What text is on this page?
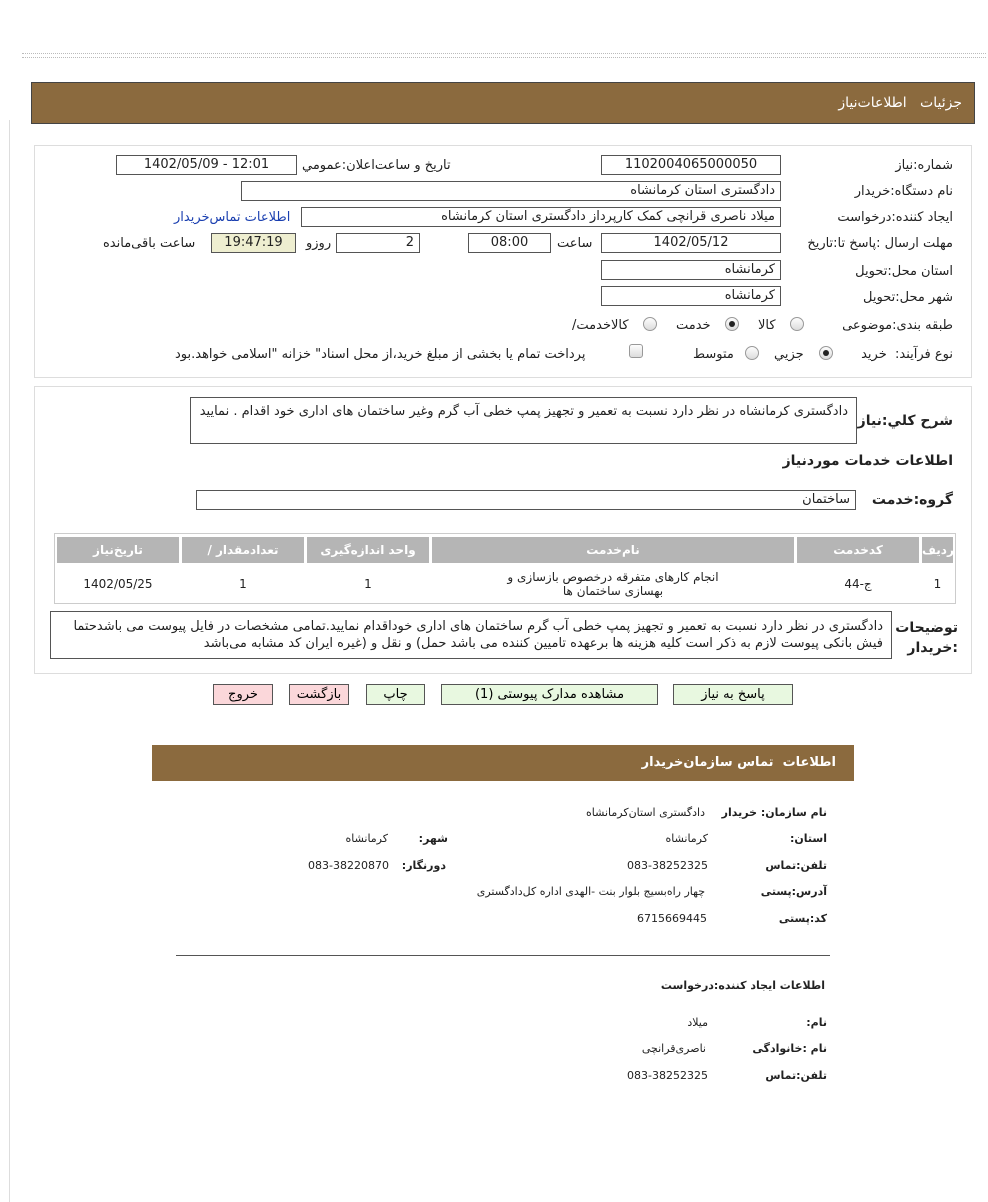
جزئیات   اطلاعات‌نیاز
شماره:نیاز
1102004065000050
تاریخ و ساعت‌اعلان:عمومي
1402/05/09 - 12:01
نام دستگاه:خریدار
دادگستری استان کرمانشاه
ایجاد کننده:درخواست
میلاد ناصری قرانچی کمک کارپرداز دادگستری استان کرمانشاه
اطلاعات تماس‌خریدار
مهلت ارسال :پاسخ تا:تاریخ
1402/05/12
ساعت
08:00
2
روزو
19:47:19
ساعت باقی‌مانده
استان محل:تحویل
کرمانشاه
شهر محل:تحویل
کرمانشاه
طبقه بندی:موضوعی
کالا
خدمت
/کالاخدمت
نوع فرآیند:  خرید
جزيي
متوسط
پرداخت تمام یا بخشی از مبلغ خرید،از محل اسناد" خزانه "اسلامی خواهد.بود
شرح کلي:نیاز
دادگستری کرمانشاه در نظر دارد نسبت به تعمیر و تجهیز پمپ خطی آب گرم وغیر ساختمان های اداری خود اقدام . نمایید
اطلاعات خدمات موردنیاز
گروه:خدمت
ساختمان
ردیف
کدخدمت
نام‌خدمت
واحد اندازه‌گیری
/ تعدادمقدار
تاریخ‌نیاز
1
ج-44
انجام کارهای متفرقه درخصوص بازسازی و بهسازی ساختمان ها
1
1
1402/05/25
توضیحات :خریدار
دادگستری در نظر دارد نسبت به تعمیر و تجهیز پمپ خطی آب گرم ساختمان های اداری خوداقدام نمایید.تمامی مشخصات در فایل پیوست می باشدحتما فیش بانکی پیوست لازم به ذکر است کلیه هزینه ها برعهده تامیین کننده می باشد حمل) و نقل و (غیره ایران کد مشابه می‌باشد
پاسخ به نیاز
مشاهده مدارک پیوستی (1)
چاپ
بازگشت
خروج
اطلاعات  تماس سازمان‌خریدار
نام سازمان: خریدار
دادگستری استان‌کرمانشاه
:استان
کرمانشاه
:شهر
کرمانشاه
تلفن:تماس
083-38252325
:دورنگار
083-38220870
آدرس:پستی
چهار راه‌بسیج بلوار بنت -الهدی اداره کل‌دادگستری
کد:پستی
6715669445
اطلاعات ایجاد کننده:درخواست
:نام
میلاد
نام :خانوادگی
ناصری‌قرانچی
تلفن:تماس
083-38252325
